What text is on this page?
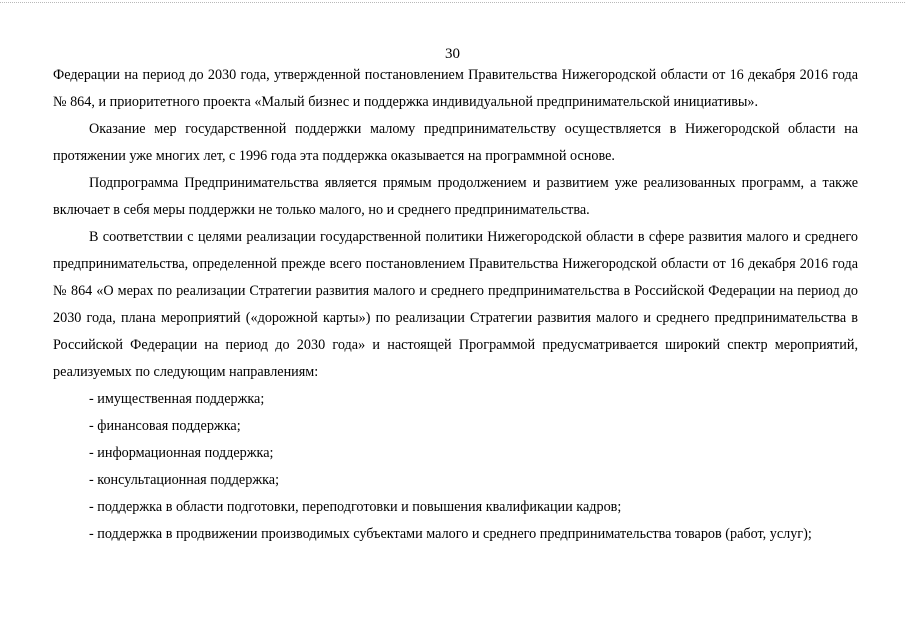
30

Федерации на период до 2030 года, утвержденной постановлением Правительства Нижегородской области от 16 декабря 2016 года № 864, и приоритетного проекта «Малый бизнес и поддержка индивидуальной предпринимательской инициативы».

Оказание мер государственной поддержки малому предпринимательству осуществляется в Нижегородской области на протяжении уже многих лет, с 1996 года эта поддержка оказывается на программной основе.

Подпрограмма Предпринимательства является прямым продолжением и развитием уже реализованных программ, а также включает в себя меры поддержки не только малого, но и среднего предпринимательства.

В соответствии с целями реализации государственной политики Нижегородской области в сфере развития малого и среднего предпринимательства, определенной прежде всего постановлением Правительства Нижегородской области от 16 декабря 2016 года № 864 «О мерах по реализации Стратегии развития малого и среднего предпринимательства в Российской Федерации на период до 2030 года, плана мероприятий («дорожной карты») по реализации Стратегии развития малого и среднего предпринимательства в Российской Федерации на период до 2030 года» и настоящей Программой предусматривается широкий спектр мероприятий, реализуемых по следующим направлениям:

- имущественная поддержка;

- финансовая поддержка;

- информационная поддержка;

- консультационная поддержка;

- поддержка в области подготовки, переподготовки и повышения квалификации кадров;

- поддержка в продвижении производимых субъектами малого и среднего предпринимательства товаров (работ, услуг);
